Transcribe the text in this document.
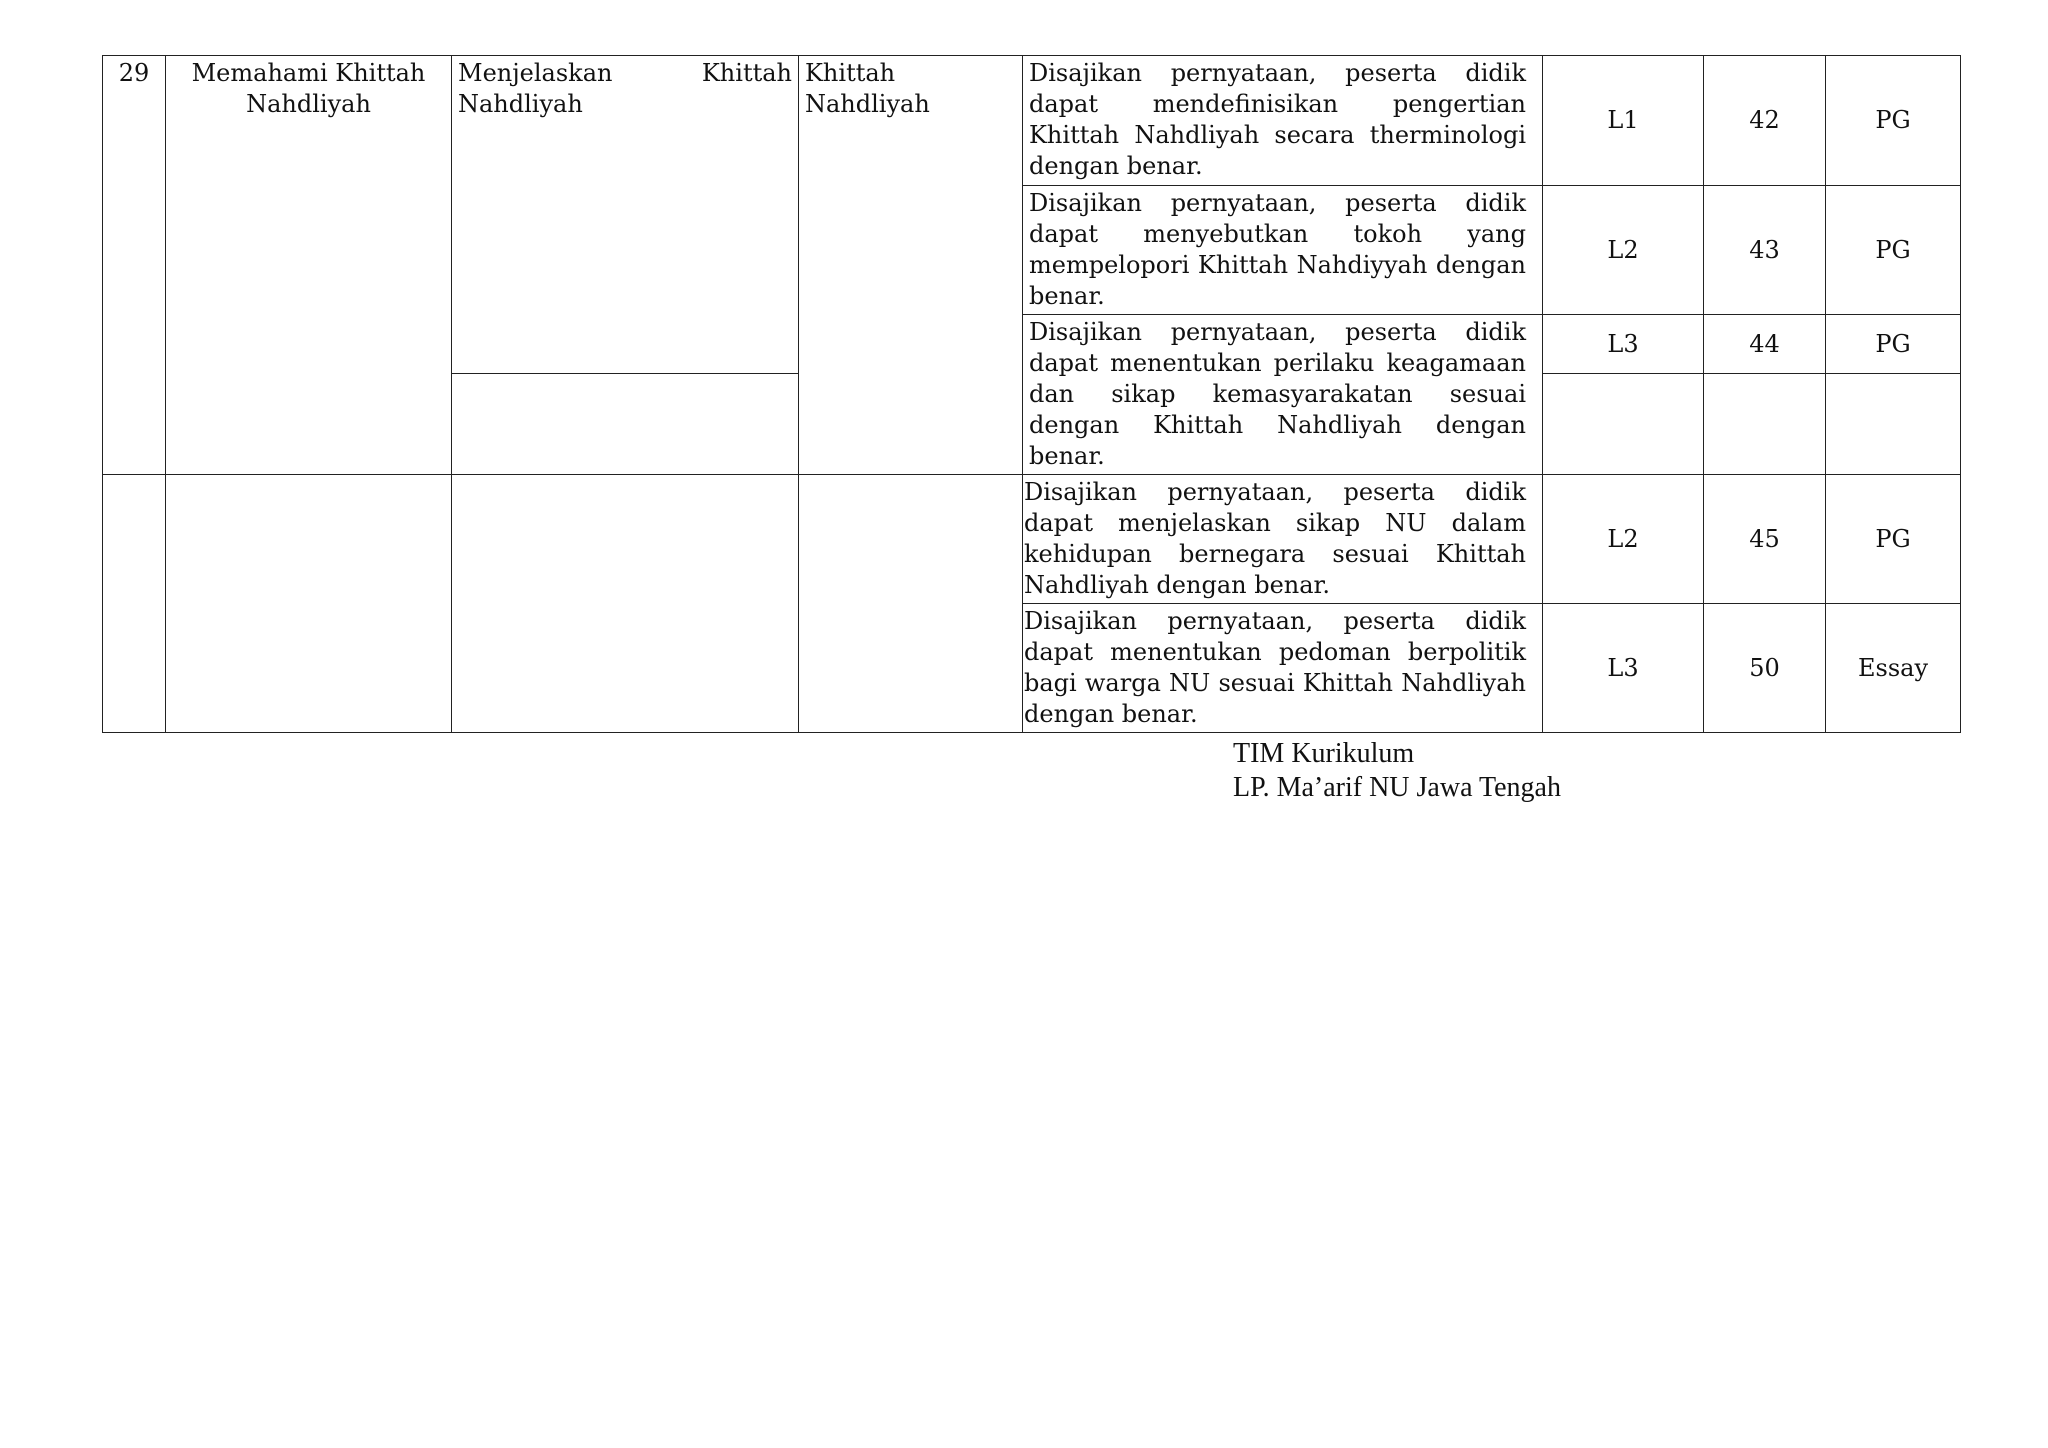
29	Memahami Khittah Nahdliyah	Menjelaskan Khittah
Nahdliyah	Khittah Nahdliyah	Disajikan pernyataan, peserta didik dapat mendefinisikan pengertian Khittah Nahdliyah secara therminologi dengan benar.	L1	42	PG
				Disajikan pernyataan, peserta didik dapat menyebutkan tokoh yang mempelopori Khittah Nahdiyyah dengan benar.	L2	43	PG
				Disajikan pernyataan, peserta didik dapat menentukan perilaku keagamaan dan sikap kemasyarakatan sesuai dengan Khittah Nahdliyah dengan benar.	L3	44	PG

				Disajikan pernyataan, peserta didik dapat menjelaskan sikap NU dalam kehidupan bernegara sesuai Khittah Nahdliyah dengan benar.	L2	45	PG
				Disajikan pernyataan, peserta didik dapat menentukan pedoman berpolitik bagi warga NU sesuai Khittah Nahdliyah dengan benar.	L3	50	Essay
TIM Kurikulum
LP. Ma’arif NU Jawa Tengah
